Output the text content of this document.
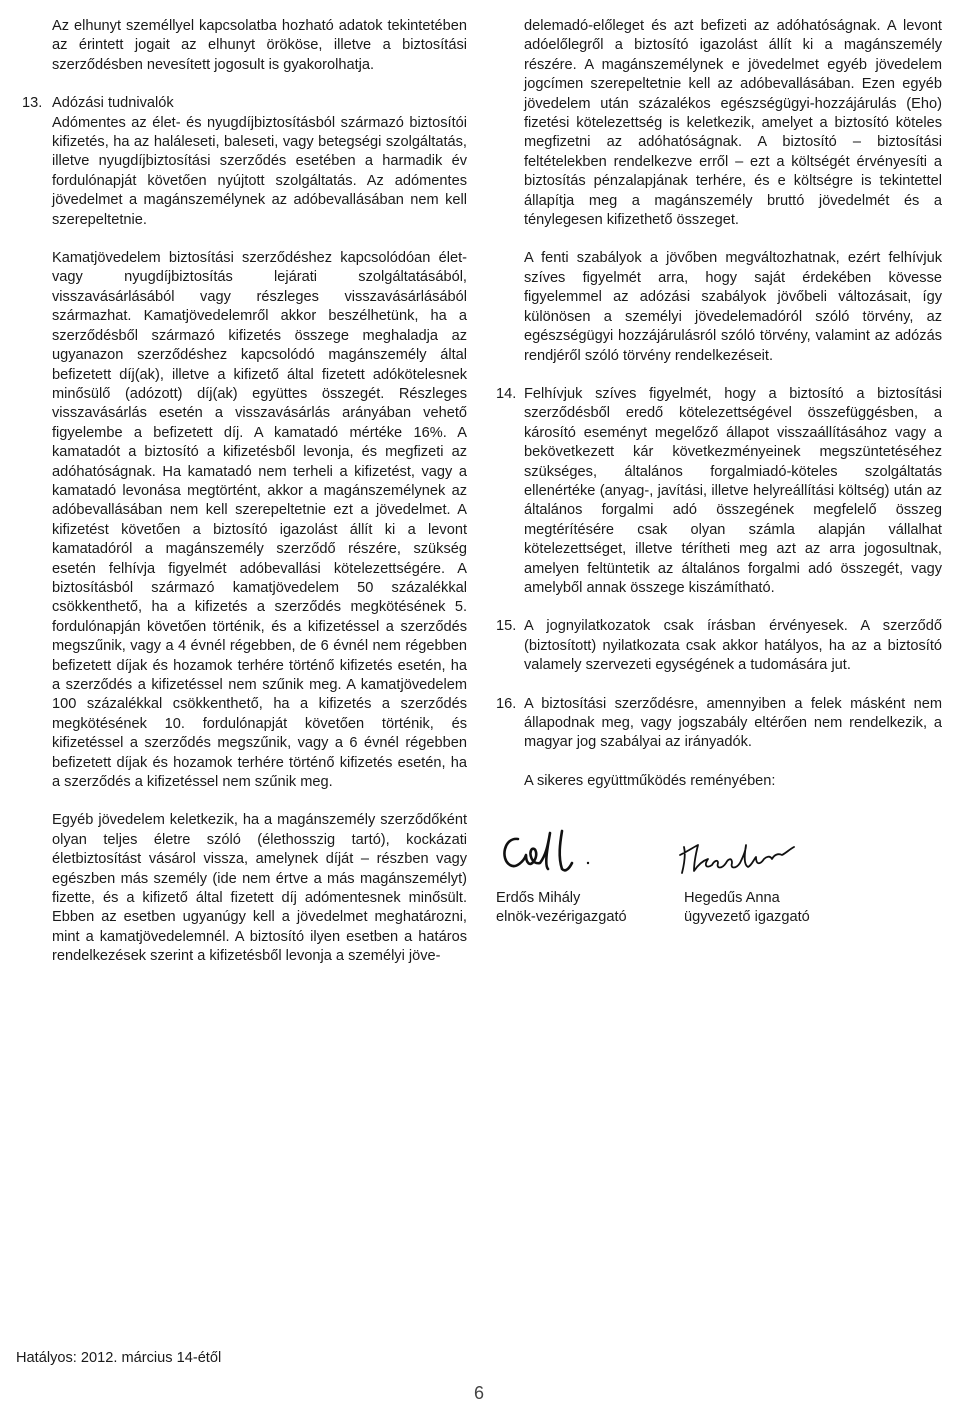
Az elhunyt személlyel kapcsolatba hozható adatok tekintetében az érintett jogait az elhunyt örököse, illetve a biztosítási szerződésben nevesített jogosult is gyakorolhatja.

13. Adózási tudnivalók

Adómentes az élet- és nyugdíjbiztosításból származó biztosítói kifizetés, ha az haláleseti, baleseti, vagy betegségi szolgáltatás, illetve nyugdíjbiztosítási szerződés esetében a harmadik év fordulónapját követően nyújtott szolgáltatás. Az adómentes jövedelmet a magánszemélynek az adóbevallásában nem kell szerepeltetnie.

Kamatjövedelem biztosítási szerződéshez kapcsolódóan élet- vagy nyugdíjbiztosítás lejárati szolgáltatásából, visszavásárlásából vagy részleges visszavásárlásából származhat. Kamatjövedelemről akkor beszélhetünk, ha a szerződésből származó kifizetés összege meghaladja az ugyanazon szerződéshez kapcsolódó magánszemély által befizetett díj(ak), illetve a kifizető által fizetett adókötelesnek minősülő (adózott) díj(ak) együttes összegét. Részleges visszavásárlás esetén a visszavásárlás arányában vehető figyelembe a befizetett díj. A kamatadó mértéke 16%. A kamatadót a biztosító a kifizetésből levonja, és megfizeti az adóhatóságnak. Ha kamatadó nem terheli a kifizetést, vagy a kamatadó levonása megtörtént, akkor a magánszemélynek az adóbevallásában nem kell szerepeltetnie ezt a jövedelmet. A kifizetést követően a biztosító igazolást állít ki a levont kamatadóról a magánszemély szerződő részére, szükség esetén felhívja figyelmét adóbevallási kötelezettségére. A biztosításból származó kamatjövedelem 50 százalékkal csökkenthető, ha a kifizetés a szerződés megkötésének 5. fordulónapján követően történik, és a kifizetéssel a szerződés megszűnik, vagy a 4 évnél régebben, de 6 évnél nem régebben befizetett díjak és hozamok terhére történő kifizetés esetén, ha a szerződés a kifizetéssel nem szűnik meg. A kamatjövedelem 100 százalékkal csökkenthető, ha a kifizetés a szerződés megkötésének 10. fordulónapját követően történik, és kifizetéssel a szerződés megszűnik, vagy a 6 évnél régebben befizetett díjak és hozamok terhére történő kifizetés esetén, ha a szerződés a kifizetéssel nem szűnik meg.

Egyéb jövedelem keletkezik, ha a magánszemély szerződőként olyan teljes életre szóló (élethosszig tartó), kockázati életbiztosítást vásárol vissza, amelynek díját – részben vagy egészben más személy (ide nem értve a más magánszemélyt) fizette, és a kifizető által fizetett díj adómentesnek minősült. Ebben az esetben ugyanúgy kell a jövedelmet meghatározni, mint a kamatjövedelemnél. A biztosító ilyen esetben a határos rendelkezések szerint a kifizetésből levonja a személyi jöve-

delemadó-előleget és azt befizeti az adóhatóságnak. A levont adóelőlegről a biztosító igazolást állít ki a magánszemély részére. A magánszemélynek e jövedelmet egyéb jövedelem jogcímen szerepeltetnie kell az adóbevallásában. Ezen egyéb jövedelem után százalékos egészségügyi-hozzájárulás (Eho) fizetési kötelezettség is keletkezik, amelyet a biztosító köteles megfizetni az adóhatóságnak. A biztosító – biztosítási feltételekben rendelkezve erről – ezt a költségét érvényesíti a biztosítás pénzalapjának terhére, és e költségre is tekintettel állapítja meg a magánszemély bruttó jövedelmét és a ténylegesen kifizethető összeget.

A fenti szabályok a jövőben megváltozhatnak, ezért felhívjuk szíves figyelmét arra, hogy saját érdekében kövesse figyelemmel az adózási szabályok jövőbeli változásait, így különösen a személyi jövedelemadóról szóló törvény, az egészségügyi hozzájárulásról szóló törvény, valamint az adózás rendjéről szóló törvény rendelkezéseit.

14. Felhívjuk szíves figyelmét, hogy a biztosító a biztosítási szerződésből eredő kötelezettségével összefüggésben, a károsító eseményt megelőző állapot visszaállításához vagy a bekövetkezett kár következményeinek megszüntetéséhez szükséges, általános forgalmiadó-köteles szolgáltatás ellenértéke (anyag-, javítási, illetve helyreállítási költség) után az általános forgalmi adó összegének megfelelő összeg megtérítésére csak olyan számla alapján vállalhat kötelezettséget, illetve térítheti meg azt az arra jogosultnak, amelyen feltüntetik az általános forgalmi adó összegét, vagy amelyből annak összege kiszámítható.

15. A jognyilatkozatok csak írásban érvényesek. A szerződő (biztosított) nyilatkozata csak akkor hatályos, ha az a biztosító valamely szervezeti egységének a tudomására jut.

16. A biztosítási szerződésre, amennyiben a felek másként nem állapodnak meg, vagy jogszabály eltérően nem rendelkezik, a magyar jog szabályai az irányadók.

A sikeres együttműködés reményében:

Erdős Mihály
elnök-vezérigazgató
Hegedűs Anna
ügyvezető igazgató
Hatályos: 2012. március 14-étől
6
